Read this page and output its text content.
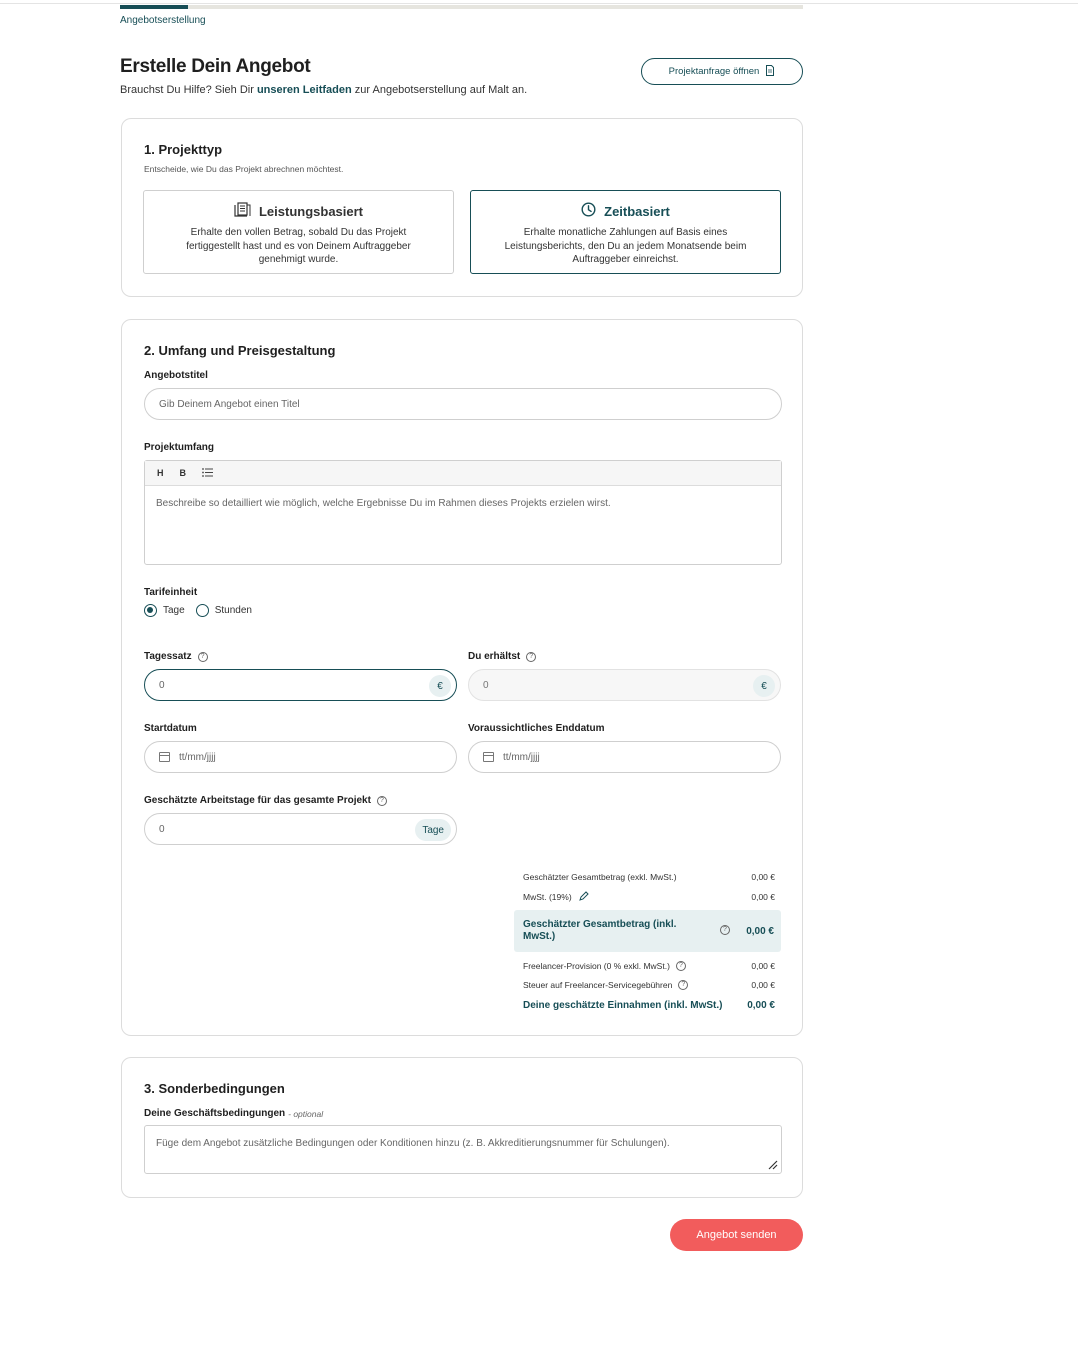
Angebotserstellung
Erstelle Dein Angebot
Brauchst Du Hilfe? Sieh Dir unseren Leitfaden zur Angebotserstellung auf Malt an.
Projektanfrage öffnen
1. Projekttyp
Entscheide, wie Du das Projekt abrechnen möchtest.
Leistungsbasiert
Erhalte den vollen Betrag, sobald Du das Projekt fertiggestellt hast und es von Deinem Auftraggeber genehmigt wurde.
Zeitbasiert
Erhalte monatliche Zahlungen auf Basis eines Leistungsberichts, den Du an jedem Monatsende beim Auftraggeber einreichst.
2. Umfang und Preisgestaltung
Angebotstitel
Gib Deinem Angebot einen Titel
Projektumfang
H B
Beschreibe so detailliert wie möglich, welche Ergebnisse Du im Rahmen dieses Projekts erzielen wirst.
Tarifeinheit
Tage	Stunden
Tagessatz	?
0	€
Du erhältst	?
0	€
Startdatum
tt/mm/jjjj
Voraussichtliches Enddatum
tt/mm/jjjj
Geschätzte Arbeitstage für das gesamte Projekt	?
0	Tage
Geschätzter Gesamtbetrag (exkl. MwSt.)	0,00 €
MwSt. (19%)	0,00 €
Geschätzter Gesamtbetrag (inkl. MwSt.)
?	0,00 €
Freelancer-Provision (0 % exkl. MwSt.)	?	0,00 €
Steuer auf Freelancer-Servicegebühren	?	0,00 €
Deine geschätzte Einnahmen (inkl. MwSt.) 0,00 €
3. Sonderbedingungen
Deine Geschäftsbedingungen - optional
Füge dem Angebot zusätzliche Bedingungen oder Konditionen hinzu (z. B. Akkreditierungsnummer für Schulungen).
Angebot senden
